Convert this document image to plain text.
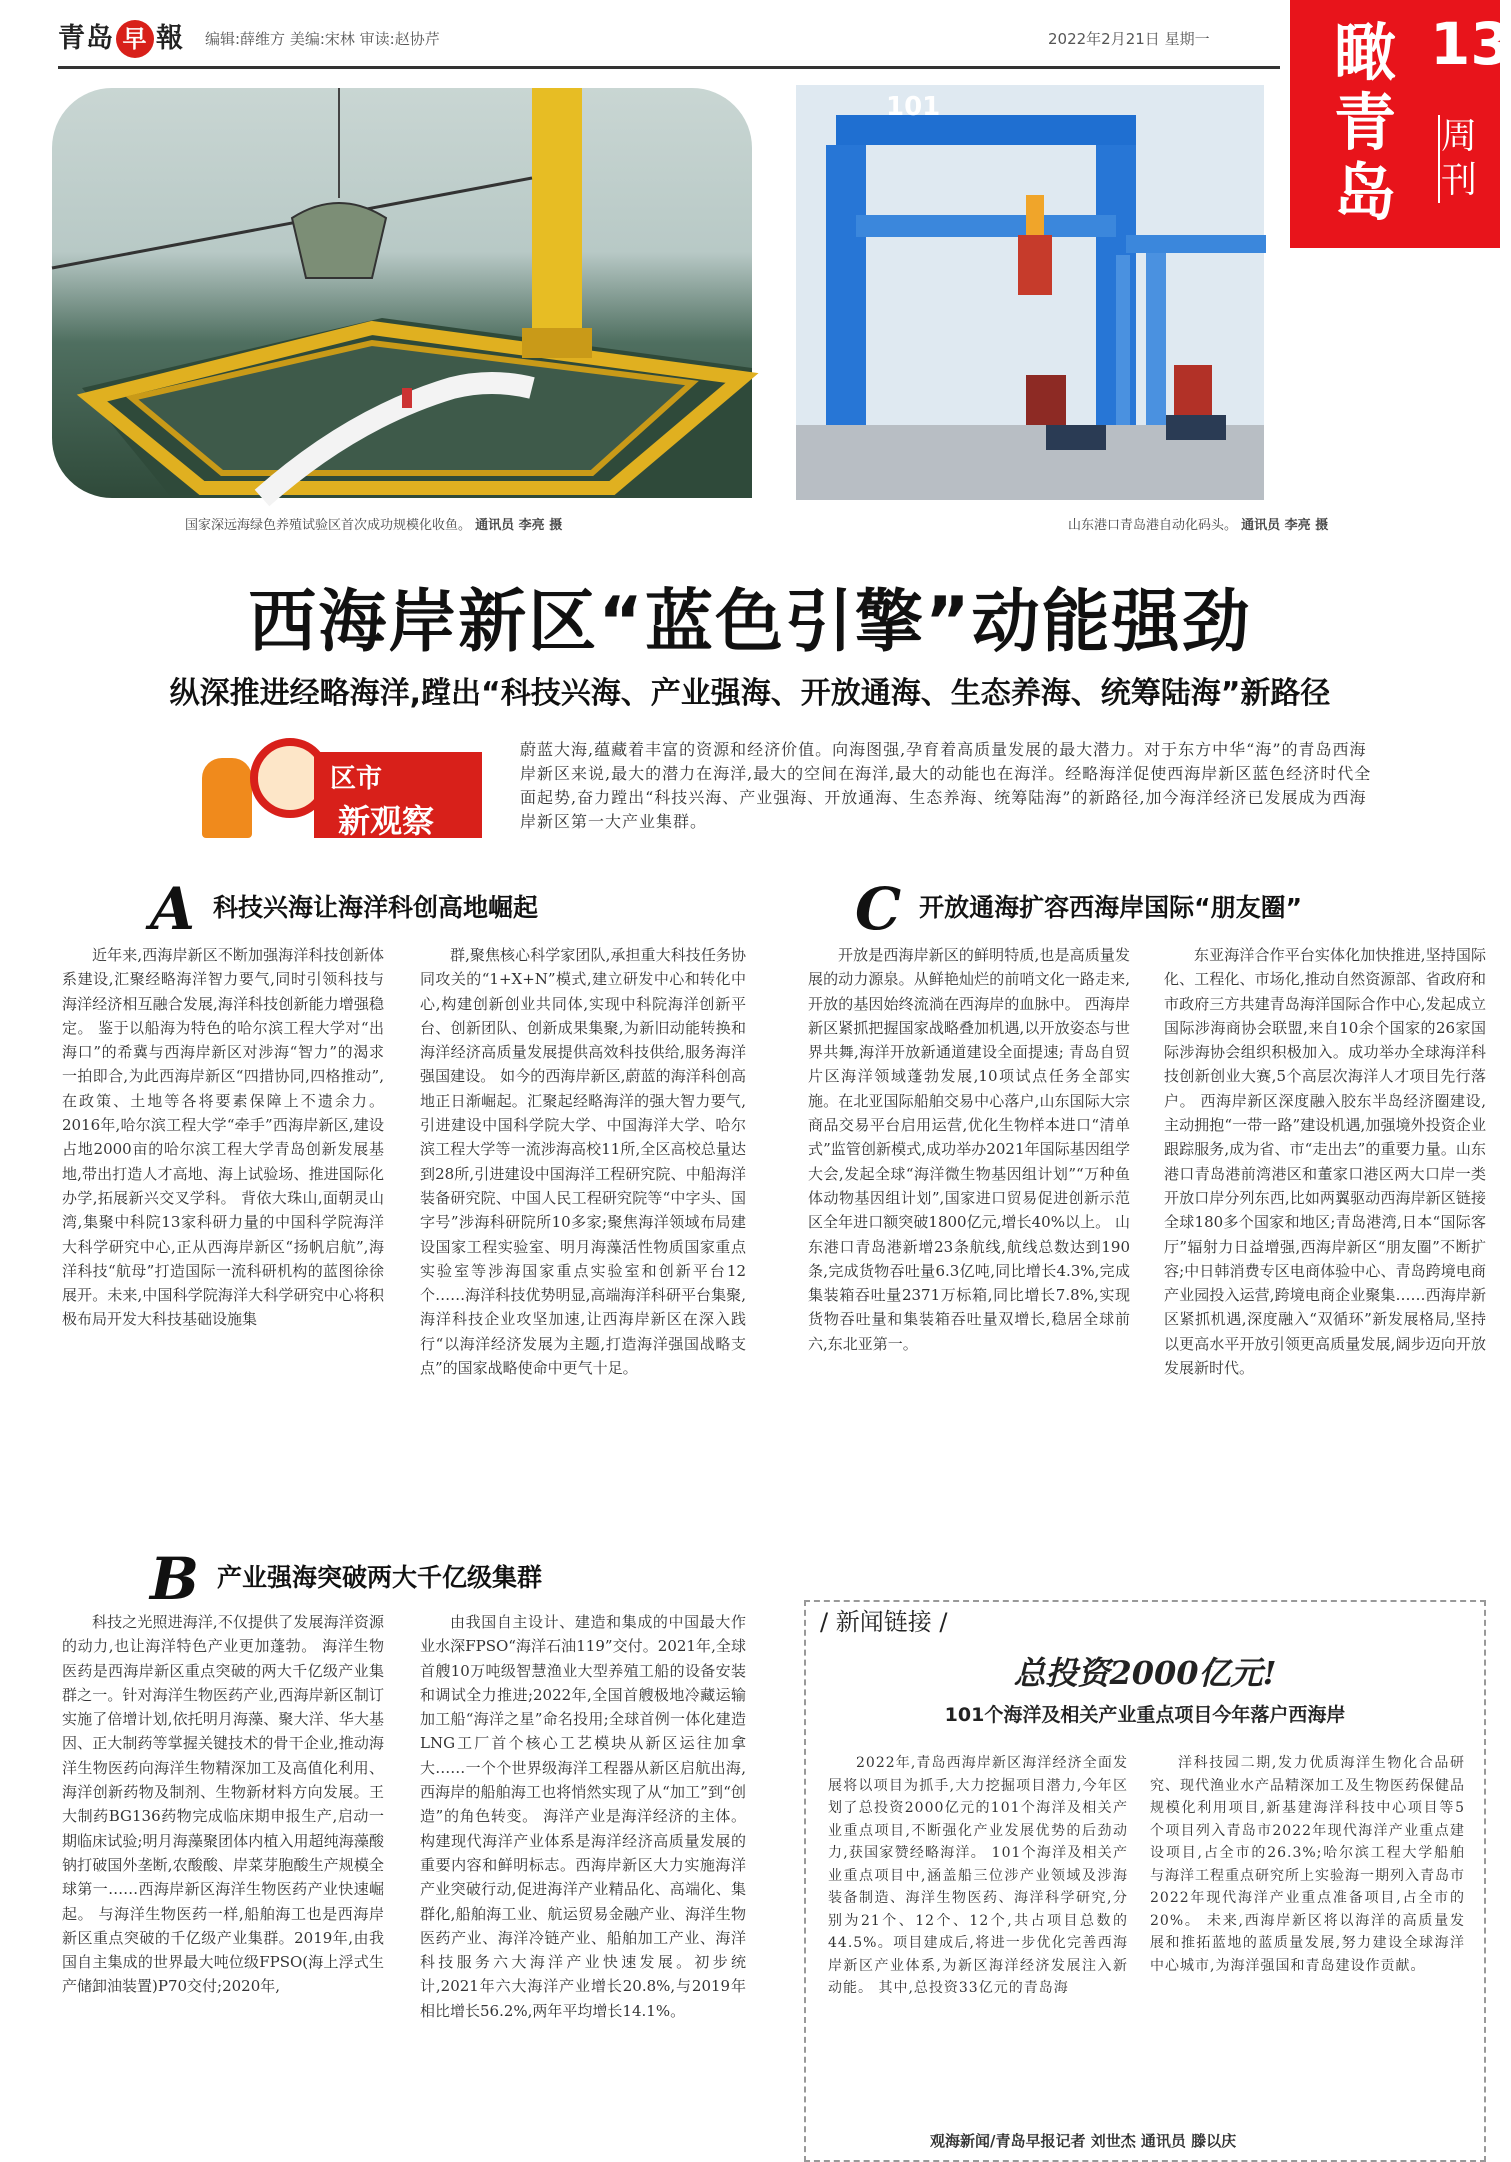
青岛 早 報 编辑:薛维方 美编:宋林 审读:赵协芹	2022年2月21日 星期一 瞰青岛
13
周刊
101
国家深远海绿色养殖试验区首次成功规模化收鱼。 通讯员 李亮 摄	山东港口青岛港自动化码头。 通讯员 李亮 摄
西海岸新区“蓝色引擎”动能强劲
纵深推进经略海洋,蹚出“科技兴海、产业强海、开放通海、生态养海、统筹陆海”新路径
区市
新观察
蔚蓝大海,蕴藏着丰富的资源和经济价值。向海图强,孕育着高质量发展的最大潜力。对于东方中华“海”的青岛西海岸新区来说,最大的潜力在海洋,最大的空间在海洋,最大的动能也在海洋。经略海洋促使西海岸新区蓝色经济时代全面起势,奋力蹚出“科技兴海、产业强海、开放通海、生态养海、统筹陆海”的新路径,加今海洋经济已发展成为西海岸新区第一大产业集群。
A科技兴海让海洋科创高地崛起
近年来,西海岸新区不断加强海洋科技创新体系建设,汇聚经略海洋智力要气,同时引领科技与海洋经济相互融合发展,海洋科技创新能力增强稳定。 鉴于以船海为特色的哈尔滨工程大学对“出海口”的希冀与西海岸新区对涉海“智力”的渴求一拍即合,为此西海岸新区“四措协同,四格推动”,在政策、土地等各将要素保障上不遗余力。2016年,哈尔滨工程大学“牵手”西海岸新区,建设占地2000亩的哈尔滨工程大学青岛创新发展基地,带出打造人才高地、海上试验场、推进国际化办学,拓展新兴交叉学科。 背依大珠山,面朝灵山湾,集聚中科院13家科研力量的中国科学院海洋大科学研究中心,正从西海岸新区“扬帆启航”,海洋科技“航母”打造国际一流科研机构的蓝图徐徐展开。未来,中国科学院海洋大科学研究中心将积极布局开发大科技基础设施集
群,聚焦核心科学家团队,承担重大科技任务协同攻关的“1+X+N”模式,建立研发中心和转化中心,构建创新创业共同体,实现中科院海洋创新平台、创新团队、创新成果集聚,为新旧动能转换和海洋经济高质量发展提供高效科技供给,服务海洋强国建设。 如今的西海岸新区,蔚蓝的海洋科创高地正日渐崛起。汇聚起经略海洋的强大智力要气,引进建设中国科学院大学、中国海洋大学、哈尔滨工程大学等一流涉海高校11所,全区高校总量达到28所,引进建设中国海洋工程研究院、中船海洋装备研究院、中国人民工程研究院等“中字头、国字号”涉海科研院所10多家;聚焦海洋领域布局建设国家工程实验室、明月海藻活性物质国家重点实验室等涉海国家重点实验室和创新平台12个……海洋科技优势明显,高端海洋科研平台集聚,海洋科技企业攻坚加速,让西海岸新区在深入践行“以海洋经济发展为主题,打造海洋强国战略支点”的国家战略使命中更气十足。
B产业强海突破两大千亿级集群
科技之光照进海洋,不仅提供了发展海洋资源的动力,也让海洋特色产业更加蓬勃。 海洋生物医药是西海岸新区重点突破的两大千亿级产业集群之一。针对海洋生物医药产业,西海岸新区制订实施了倍增计划,依托明月海藻、聚大洋、华大基因、正大制药等掌握关键技术的骨干企业,推动海洋生物医药向海洋生物精深加工及高值化利用、海洋创新药物及制剂、生物新材料方向发展。王大制药BG136药物完成临床期申报生产,启动一期临床试验;明月海藻聚团体内植入用超纯海藻酸钠打破国外垄断,农酸酸、岸菜芽胞酸生产规模全球第一……西海岸新区海洋生物医药产业快速崛起。 与海洋生物医药一样,船舶海工也是西海岸新区重点突破的千亿级产业集群。2019年,由我国自主集成的世界最大吨位级FPSO(海上浮式生产储卸油装置)P70交付;2020年,
由我国自主设计、建造和集成的中国最大作业水深FPSO“海洋石油119”交付。2021年,全球首艘10万吨级智慧渔业大型养殖工船的设备安装和调试全力推进;2022年,全国首艘极地冷藏运输加工船“海洋之星”命名投用;全球首例一体化建造LNG工厂首个核心工艺模块从新区运往加拿大……一个个世界级海洋工程器从新区启航出海,西海岸的船舶海工也将悄然实现了从“加工”到“创造”的角色转变。 海洋产业是海洋经济的主体。构建现代海洋产业体系是海洋经济高质量发展的重要内容和鲜明标志。西海岸新区大力实施海洋产业突破行动,促进海洋产业精品化、高端化、集群化,船舶海工业、航运贸易金融产业、海洋生物医药产业、海洋冷链产业、船舶加工产业、海洋科技服务六大海洋产业快速发展。初步统计,2021年六大海洋产业增长20.8%,与2019年相比增长56.2%,两年平均增长14.1%。
C开放通海扩容西海岸国际“朋友圈”
开放是西海岸新区的鲜明特质,也是高质量发展的动力源泉。从鲜艳灿烂的前哨文化一路走来,开放的基因始终流淌在西海岸的血脉中。 西海岸新区紧抓把握国家战略叠加机遇,以开放姿态与世界共舞,海洋开放新通道建设全面提速; 青岛自贸片区海洋领域蓬勃发展,10项试点任务全部实施。在北亚国际船舶交易中心落户,山东国际大宗商品交易平台启用运营,优化生物样本进口“清单式”监管创新模式,成功举办2021年国际基因组学大会,发起全球“海洋微生物基因组计划”“万种鱼体动物基因组计划”,国家进口贸易促进创新示范区全年进口额突破1800亿元,增长40%以上。 山东港口青岛港新增23条航线,航线总数达到190条,完成货物吞吐量6.3亿吨,同比增长4.3%,完成集装箱吞吐量2371万标箱,同比增长7.8%,实现货物吞吐量和集装箱吞吐量双增长,稳居全球前六,东北亚第一。
东亚海洋合作平台实体化加快推进,坚持国际化、工程化、市场化,推动自然资源部、省政府和市政府三方共建青岛海洋国际合作中心,发起成立国际涉海商协会联盟,来自10余个国家的26家国际涉海协会组织积极加入。成功举办全球海洋科技创新创业大赛,5个高层次海洋人才项目先行落户。 西海岸新区深度融入胶东半岛经济圈建设,主动拥抱“一带一路”建设机遇,加强境外投资企业跟踪服务,成为省、市“走出去”的重要力量。山东港口青岛港前湾港区和董家口港区两大口岸一类开放口岸分列东西,比如两翼驱动西海岸新区链接全球180多个国家和地区;青岛港湾,日本“国际客厅”辐射力日益增强,西海岸新区“朋友圈”不断扩容;中日韩消费专区电商体验中心、青岛跨境电商产业园投入运营,跨境电商企业聚集……西海岸新区紧抓机遇,深度融入“双循环”新发展格局,坚持以更高水平开放引领更高质量发展,阔步迈向开放发展新时代。
/ 新闻链接 /
总投资2000亿元!
101个海洋及相关产业重点项目今年落户西海岸
2022年,青岛西海岸新区海洋经济全面发展将以项目为抓手,大力挖掘项目潜力,今年区划了总投资2000亿元的101个海洋及相关产业重点项目,不断强化产业发展优势的后劲动力,获国家赞经略海洋。 101个海洋及相关产业重点项目中,涵盖船三位涉产业领域及涉海装备制造、海洋生物医药、海洋科学研究,分别为21个、12个、12个,共占项目总数的44.5%。项目建成后,将进一步优化完善西海岸新区产业体系,为新区海洋经济发展注入新动能。 其中,总投资33亿元的青岛海
洋科技园二期,发力优质海洋生物化合品研究、现代渔业水产品精深加工及生物医药保健品规模化利用项目,新基建海洋科技中心项目等5个项目列入青岛市2022年现代海洋产业重点建设项目,占全市的26.3%;哈尔滨工程大学船舶与海洋工程重点研究所上实验海一期列入青岛市2022年现代海洋产业重点准备项目,占全市的20%。 未来,西海岸新区将以海洋的高质量发展和推拓蓝地的蓝质量发展,努力建设全球海洋中心城市,为海洋强国和青岛建设作贡献。
观海新闻/青岛早报记者 刘世杰 通讯员 滕以庆
